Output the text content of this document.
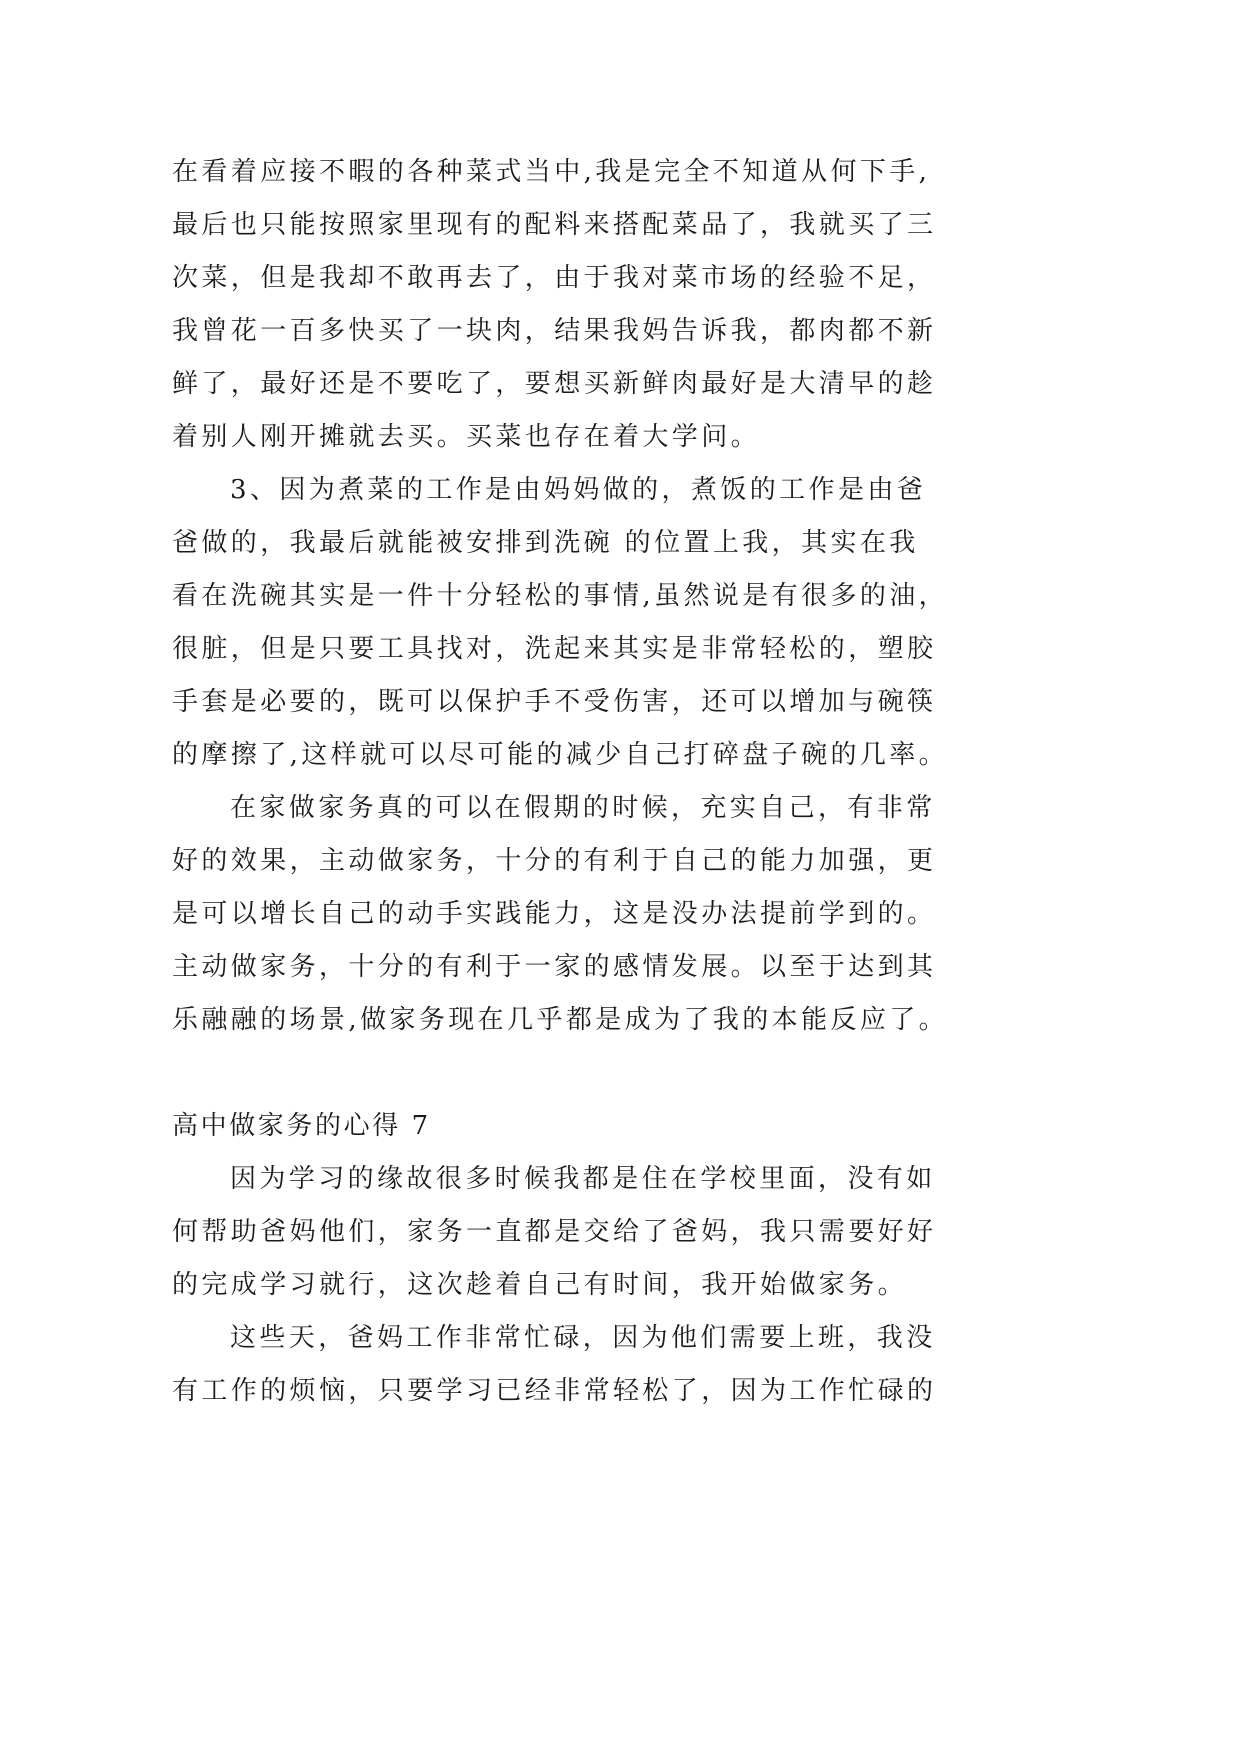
在看着应接不暇的各种菜式当中,我是完全不知道从何下手,
最后也只能按照家里现有的配料来搭配菜品了，我就买了三
次菜，但是我却不敢再去了，由于我对菜市场的经验不足，
我曾花一百多快买了一块肉，结果我妈告诉我，都肉都不新
鲜了，最好还是不要吃了，要想买新鲜肉最好是大清早的趁
着别人刚开摊就去买。买菜也存在着大学问。
3、因为煮菜的工作是由妈妈做的，煮饭的工作是由爸
爸做的，我最后就能被安排到洗碗 的位置上我，其实在我
看在洗碗其实是一件十分轻松的事情,虽然说是有很多的油，
很脏，但是只要工具找对，洗起来其实是非常轻松的，塑胶
手套是必要的，既可以保护手不受伤害，还可以增加与碗筷
的摩擦了,这样就可以尽可能的减少自己打碎盘子碗的几率。
在家做家务真的可以在假期的时候，充实自己，有非常
好的效果，主动做家务，十分的有利于自己的能力加强，更
是可以增长自己的动手实践能力，这是没办法提前学到的。
主动做家务，十分的有利于一家的感情发展。以至于达到其
乐融融的场景,做家务现在几乎都是成为了我的本能反应了。
高中做家务的心得 7
因为学习的缘故很多时候我都是住在学校里面，没有如
何帮助爸妈他们，家务一直都是交给了爸妈，我只需要好好
的完成学习就行，这次趁着自己有时间，我开始做家务。
这些天，爸妈工作非常忙碌，因为他们需要上班，我没
有工作的烦恼，只要学习已经非常轻松了，因为工作忙碌的
